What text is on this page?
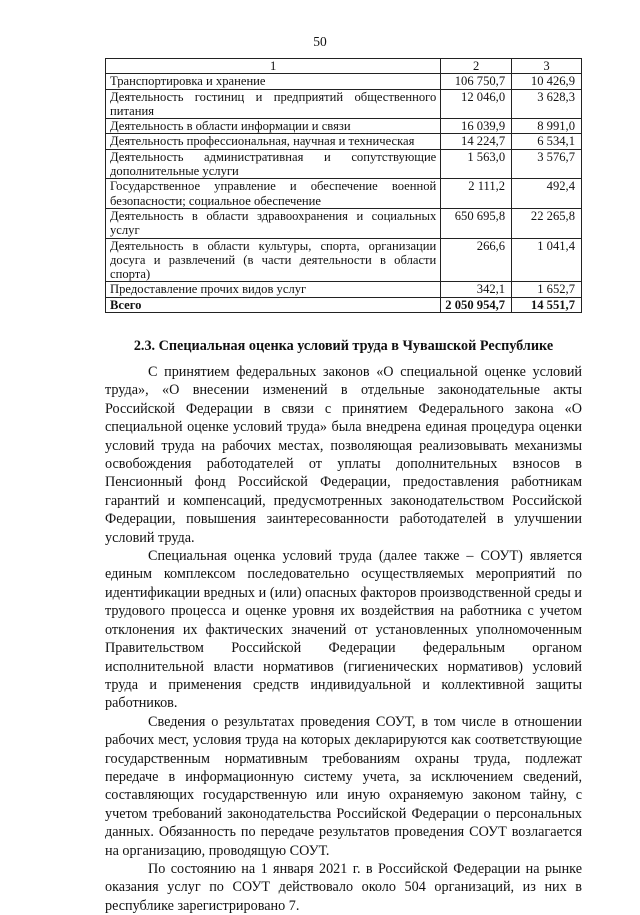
50
1	2	3
Транспортировка и хранение	106 750,7	10 426,9
Деятельность гостиниц и предприятий общественного питания	12 046,0	3 628,3
Деятельность в области информации и связи	16 039,9	8 991,0
Деятельность профессиональная, научная и техническая	14 224,7	6 534,1
Деятельность административная и сопутствующие дополнительные услуги	1 563,0	3 576,7
Государственное управление и обеспечение военной безопасности; социальное обеспечение	2 111,2	492,4
Деятельность в области здравоохранения и социальных услуг	650 695,8	22 265,8
Деятельность в области культуры, спорта, организации досуга и развлечений (в части деятельности в области спорта)	266,6	1 041,4
Предоставление прочих видов услуг	342,1	1 652,7
Всего	2 050 954,7	14 551,7
2.3. Специальная оценка условий труда в Чувашской Республике

С принятием федеральных законов «О специальной оценке условий труда», «О внесении изменений в отдельные законодательные акты Российской Федерации в связи с принятием Федерального закона «О специальной оценке условий труда» была внедрена единая процедура оценки условий труда на рабочих местах, позволяющая реализовывать механизмы освобождения работодателей от уплаты дополнительных взносов в Пенсионный фонд Российской Федерации, предоставления работникам гарантий и компенсаций, предусмотренных законодательством Российской Федерации, повышения заинтересованности работодателей в улучшении условий труда.

Специальная оценка условий труда (далее также – СОУТ) является единым комплексом последовательно осуществляемых мероприятий по идентификации вредных и (или) опасных факторов производственной среды и трудового процесса и оценке уровня их воздействия на работника с учетом отклонения их фактических значений от установленных уполномоченным Правительством Российской Федерации федеральным органом исполнительной власти нормативов (гигиенических нормативов) условий труда и применения средств индивидуальной и коллективной защиты работников.

Сведения о результатах проведения СОУТ, в том числе в отношении рабочих мест, условия труда на которых декларируются как соответствующие государственным нормативным требованиям охраны труда, подлежат передаче в информационную систему учета, за исключением сведений, составляющих государственную или иную охраняемую законом тайну, с учетом требований законодательства Российской Федерации о персональных данных. Обязанность по передаче результатов проведения СОУТ возлагается на организацию, проводящую СОУТ.

По состоянию на 1 января 2021 г. в Российской Федерации на рынке оказания услуг по СОУТ действовало около 504 организаций, из них в республике зарегистрировано 7.
